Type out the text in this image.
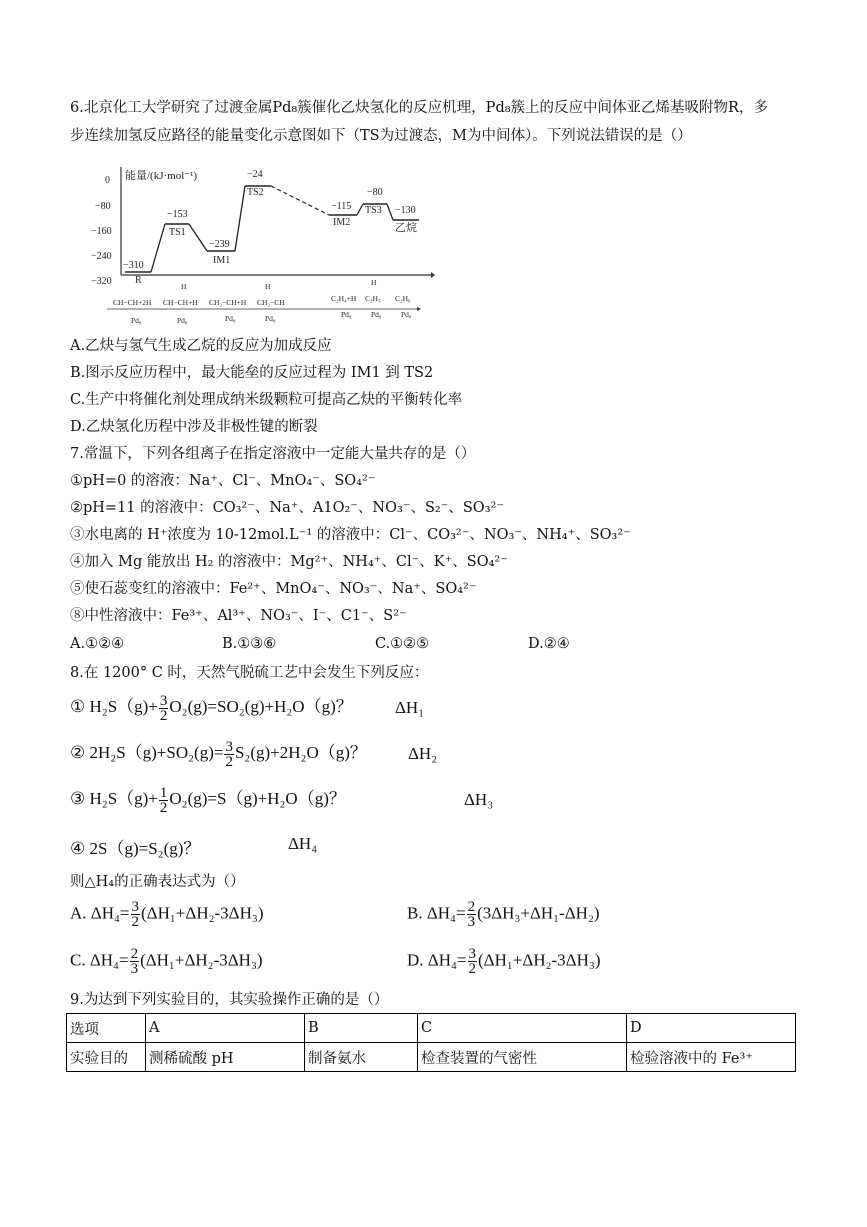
6.北京化工大学研究了过渡金属Pd₈簇催化乙炔氢化的反应机理，Pd₈簇上的反应中间体亚乙烯基吸附物R，多
步连续加氢反应路径的能量变化示意图如下（TS为过渡态，M为中间体）。下列说法错误的是（）
能量/(kJ·mol⁻¹)
0
−80
−160
−240
−320
−310
R
−153
TS1
−239
IM1
−24
TS2
−115
IM2
−80
TS3 −130
乙烷
H	H	H
CH−CH+2H CH−CH+H CH₂−CH+H CH₂−CH	C₂H₄+H C₂H₅ C₂H₆
Pd₈	Pd₈	Pd₈	Pd₈	Pd₈	Pd₈	Pd₈
A.乙炔与氢气生成乙烷的反应为加成反应
B.图示反应历程中，最大能垒的反应过程为 IM1 到 TS2
C.生产中将催化剂处理成纳米级颗粒可提高乙炔的平衡转化率
D.乙炔氢化历程中涉及非极性键的断裂
7.常温下，下列各组离子在指定溶液中一定能大量共存的是（）
①pH=0 的溶液：Na⁺、Cl⁻、MnO₄⁻、SO₄²⁻
②pH=11 的溶液中：CO₃²⁻、Na⁺、A1O₂⁻、NO₃⁻、S₂⁻、SO₃²⁻
③水电离的 H⁺浓度为 10-12mol.L⁻¹ 的溶液中：Cl⁻、CO₃²⁻、NO₃⁻、NH₄⁺、SO₃²⁻
④加入 Mg 能放出 H₂ 的溶液中：Mg²⁺、NH₄⁺、Cl⁻、K⁺、SO₄²⁻
⑤使石蕊变红的溶液中：Fe²⁺、MnO₄⁻、NO₃⁻、Na⁺、SO₄²⁻
⑧中性溶液中：Fe³⁺、Al³⁺、NO₃⁻、I⁻、C1⁻、S²⁻
A.①②④	B.①③⑥	C.①②⑤	D.②④
8.在 1200° C 时，天然气脱硫工艺中会发生下列反应：
① $H_2S(g)+ \frac{3}{2} O_2(g)=SO_2(g)+H_2O(g)$？ ΔH₁
② $2H_2S(g)+SO_2(g)= \frac{3}{2} S_2(g)+2H_2O(g)$？ ΔH₂
③ $H_2S(g)+ \frac{1}{2} O_2(g)=S(g)+H_2O(g)$？	ΔH₃
④ 2S（g)=S₂(g)？	ΔH₄
则△H₄的正确表达式为（）
A. $\Delta H_4= \frac{3}{2} (\Delta H_1+\Delta H_2-3\Delta H_3)$	B. $\Delta H_4= \frac{2}{3} (3\Delta H_3+\Delta H_1-\Delta H_2)$
C. $\Delta H_4= \frac{2}{3} (\Delta H_1+\Delta H_2-3\Delta H_3)$	D. $\Delta H_4= \frac{3}{2} (\Delta H_1+\Delta H_2-3\Delta H_3)$
9.为达到下列实验目的，其实验操作正确的是（）
选项	A	B	C	D
实验目的	测稀硫酸 pH	制备氨水	检查装置的气密性	检验溶液中的 Fe³⁺
